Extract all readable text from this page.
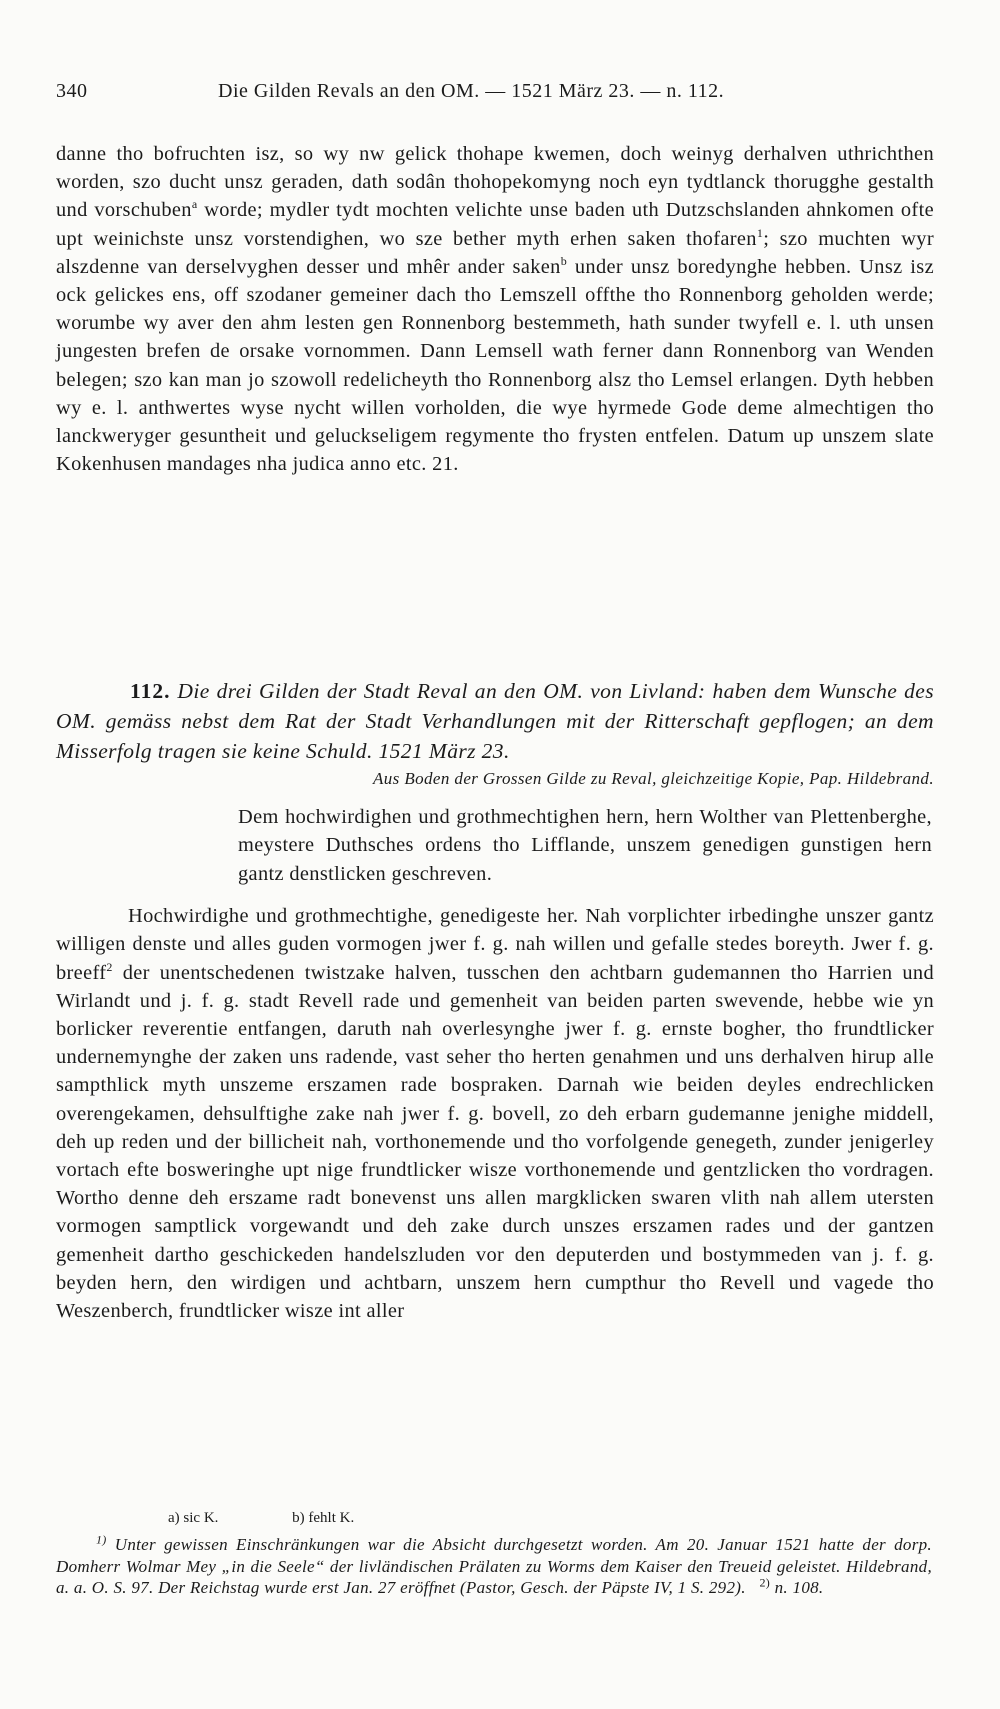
340	Die Gilden Revals an den OM. — 1521 März 23. — n. 112.
danne tho bofruchten isz, so wy nw gelick thohape kwemen, doch weinyg derhalven uthrichthen worden, szo ducht unsz geraden, dath sodân thohopekomyng noch eyn tydtlanck thorugghe gestalth und vorschuben$^a$ worde; mydler tydt mochten velichte unse baden uth Dutzschslanden ahnkomen ofte upt weinichste unsz vorstendighen, wo sze bether myth erhen saken thofaren$^1$; szo muchten wyr alszdenne van derselvyghen desser und mhêr ander saken$^b$ under unsz boredynghe hebben. Unsz isz ock gelickes ens, off szodaner gemeiner dach tho Lemszell offthe tho Ronnenborg geholden werde; worumbe wy aver den ahm lesten gen Ronnenborg bestemmeth, hath sunder twyfell e. l. uth unsen jungesten brefen de orsake vornommen. Dann Lemsell wath ferner dann Ronnenborg van Wenden belegen; szo kan man jo szowoll redelicheyth tho Ronnenborg alsz tho Lemsel erlangen. Dyth hebben wy e. l. anthwertes wyse nycht willen vorholden, die wye hyrmede Gode deme almechtigen tho lanckweryger gesuntheit und geluckseligem regymente tho frysten entfelen. Datum up unszem slate Kokenhusen mandages nha judica anno etc. 21.
112. Die drei Gilden der Stadt Reval an den OM. von Livland: haben dem Wunsche des OM. gemäss nebst dem Rat der Stadt Verhandlungen mit der Ritterschaft gepflogen; an dem Misserfolg tragen sie keine Schuld. 1521 März 23.
Aus Boden der Grossen Gilde zu Reval, gleichzeitige Kopie, Pap. Hildebrand.
Dem hochwirdighen und grothmechtighen hern, hern Wolther van Plettenberghe, meystere Duthsches ordens tho Lifflande, unszem genedigen gunstigen hern gantz denstlicken geschreven.
Hochwirdighe und grothmechtighe, genedigeste her. Nah vorplichter irbedinghe unszer gantz willigen denste und alles guden vormogen jwer f. g. nah willen und gefalle stedes boreyth. Jwer f. g. breeff$^2$ der unentschedenen twistzake halven, tusschen den achtbarn gudemannen tho Harrien und Wirlandt und j. f. g. stadt Revell rade und gemenheit van beiden parten swevende, hebbe wie yn borlicker reverentie entfangen, daruth nah overlesynghe jwer f. g. ernste bogher, tho frundtlicker undernemynghe der zaken uns radende, vast seher tho herten genahmen und uns derhalven hirup alle sampthlick myth unszeme erszamen rade bospraken. Darnah wie beiden deyles endrechlicken overengekamen, dehsulftighe zake nah jwer f. g. bovell, zo deh erbarn gudemanne jenighe middell, deh up reden und der billicheit nah, vorthonemende und tho vorfolgende genegeth, zunder jenigerley vortach efte bosweringhe upt nige frundtlicker wisze vorthonemende und gentzlicken tho vordragen. Wortho denne deh erszame radt bonevenst uns allen margklicken swaren vlith nah allem utersten vormogen samptlick vorgewandt und deh zake durch unszes erszamen rades und der gantzen gemenheit dartho geschickeden handelszluden vor den deputerden und bostymmeden van j. f. g. beyden hern, den wirdigen und achtbarn, unszem hern cumpthur tho Revell und vagede tho Weszenberch, frundtlicker wisze int aller
a) sic K.	b) fehlt K.
$^{1)}$ Unter gewissen Einschränkungen war die Absicht durchgesetzt worden. Am 20. Januar 1521 hatte der dorp. Domherr Wolmar Mey „in die Seele“ der livländischen Prälaten zu Worms dem Kaiser den Treueid geleistet. Hildebrand, a. a. O. S. 97. Der Reichstag wurde erst Jan. 27 eröffnet (Pastor, Gesch. der Päpste IV, 1 S. 292). $^{2)}$ n. 108.
